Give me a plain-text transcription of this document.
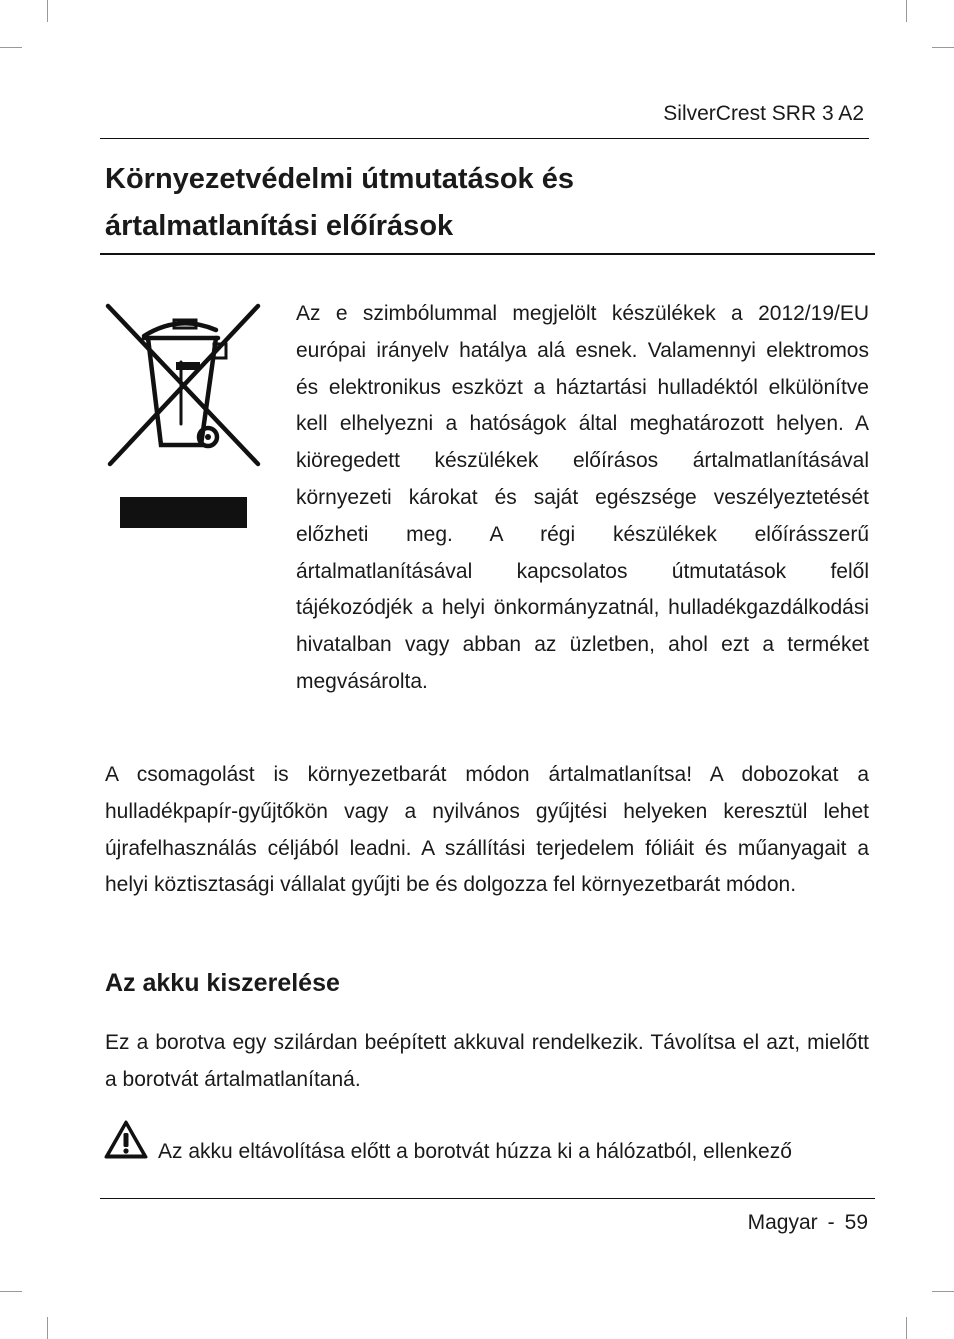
SilverCrest SRR 3 A2
Környezetvédelmi útmutatások és
ártalmatlanítási előírások

Az e szimbólummal megjelölt készülékek a 2012/19/EU európai irányelv hatálya alá esnek. Valamennyi elektromos és elektronikus eszközt a háztartási hulladéktól elkülönítve kell elhelyezni a hatóságok által meghatározott helyen. A kiöregedett készülékek előírásos ártalmatlanításával környezeti károkat és saját egészsége veszélyeztetését előzheti meg. A régi készülékek előírásszerű ártalmatlanításával kapcsolatos útmutatások felől tájékozódjék a helyi önkormányzatnál, hulladékgazdálkodási hivatalban vagy abban az üzletben, ahol ezt a terméket megvásárolta.

A csomagolást is környezetbarát módon ártalmatlanítsa! A dobozokat a hulladékpapír-gyűjtőkön vagy a nyilvános gyűjtési helyeken keresztül lehet újrafelhasználás céljából leadni. A szállítási terjedelem fóliáit és műanyagait a helyi köztisztasági vállalat gyűjti be és dolgozza fel környezetbarát módon.

Az akku kiszerelése

Ez a borotva egy szilárdan beépített akkuval rendelkezik. Távolítsa el azt, mielőtt a borotvát ártalmatlanítaná.

Az akku eltávolítása előtt a borotvát húzza ki a hálózatból, ellenkező

Magyar - 59
